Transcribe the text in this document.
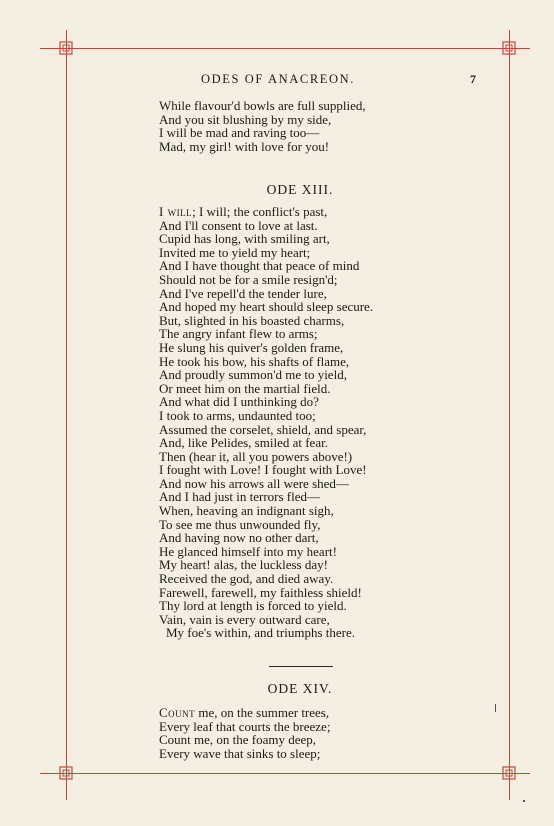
ODES OF ANACREON.	7
While flavour'd bowls are full supplied,
And you sit blushing by my side,
I will be mad and raving too—
Mad, my girl! with love for you!
ODE XIII.
I will; I will; the conflict's past,
And I'll consent to love at last.
Cupid has long, with smiling art,
Invited me to yield my heart;
And I have thought that peace of mind
Should not be for a smile resign'd;
And I've repell'd the tender lure,
And hoped my heart should sleep secure.
But, slighted in his boasted charms,
The angry infant flew to arms;
He slung his quiver's golden frame,
He took his bow, his shafts of flame,
And proudly summon'd me to yield,
Or meet him on the martial field.
And what did I unthinking do?
I took to arms, undaunted too;
Assumed the corselet, shield, and spear,
And, like Pelides, smiled at fear.
Then (hear it, all you powers above!)
I fought with Love! I fought with Love!
And now his arrows all were shed—
And I had just in terrors fled—
When, heaving an indignant sigh,
To see me thus unwounded fly,
And having now no other dart,
He glanced himself into my heart!
My heart! alas, the luckless day!
Received the god, and died away.
Farewell, farewell, my faithless shield!
Thy lord at length is forced to yield.
Vain, vain is every outward care,
My foe's within, and triumphs there.
ODE XIV.
Count me, on the summer trees,
Every leaf that courts the breeze;
Count me, on the foamy deep,
Every wave that sinks to sleep;
